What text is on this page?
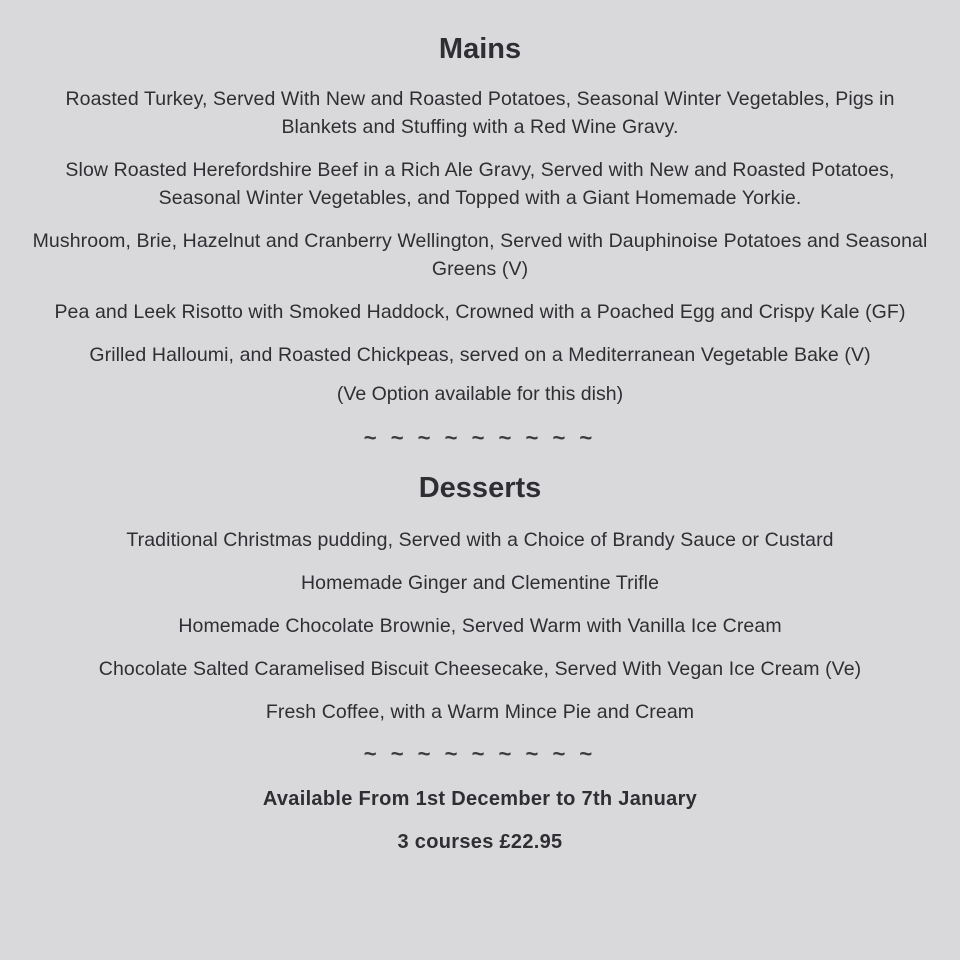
Mains

Roasted Turkey, Served With New and Roasted Potatoes, Seasonal Winter Vegetables, Pigs in Blankets and Stuffing with a Red Wine Gravy.

Slow Roasted Herefordshire Beef in a Rich Ale Gravy, Served with New and Roasted Potatoes, Seasonal Winter Vegetables, and Topped with a Giant Homemade Yorkie.

Mushroom, Brie, Hazelnut and Cranberry Wellington, Served with Dauphinoise Potatoes and Seasonal Greens (V)

Pea and Leek Risotto with Smoked Haddock, Crowned with a Poached Egg and Crispy Kale (GF)

Grilled Halloumi, and Roasted Chickpeas, served on a Mediterranean Vegetable Bake (V)

(Ve Option available for this dish)

~ ~ ~ ~ ~ ~ ~ ~ ~

Desserts

Traditional Christmas pudding, Served with a Choice of Brandy Sauce or Custard

Homemade Ginger and Clementine Trifle

Homemade Chocolate Brownie, Served Warm with Vanilla Ice Cream

Chocolate Salted Caramelised Biscuit Cheesecake, Served With Vegan Ice Cream (Ve)

Fresh Coffee, with a Warm Mince Pie and Cream

~ ~ ~ ~ ~ ~ ~ ~ ~

Available From 1st December to 7th January

3 courses £22.95
